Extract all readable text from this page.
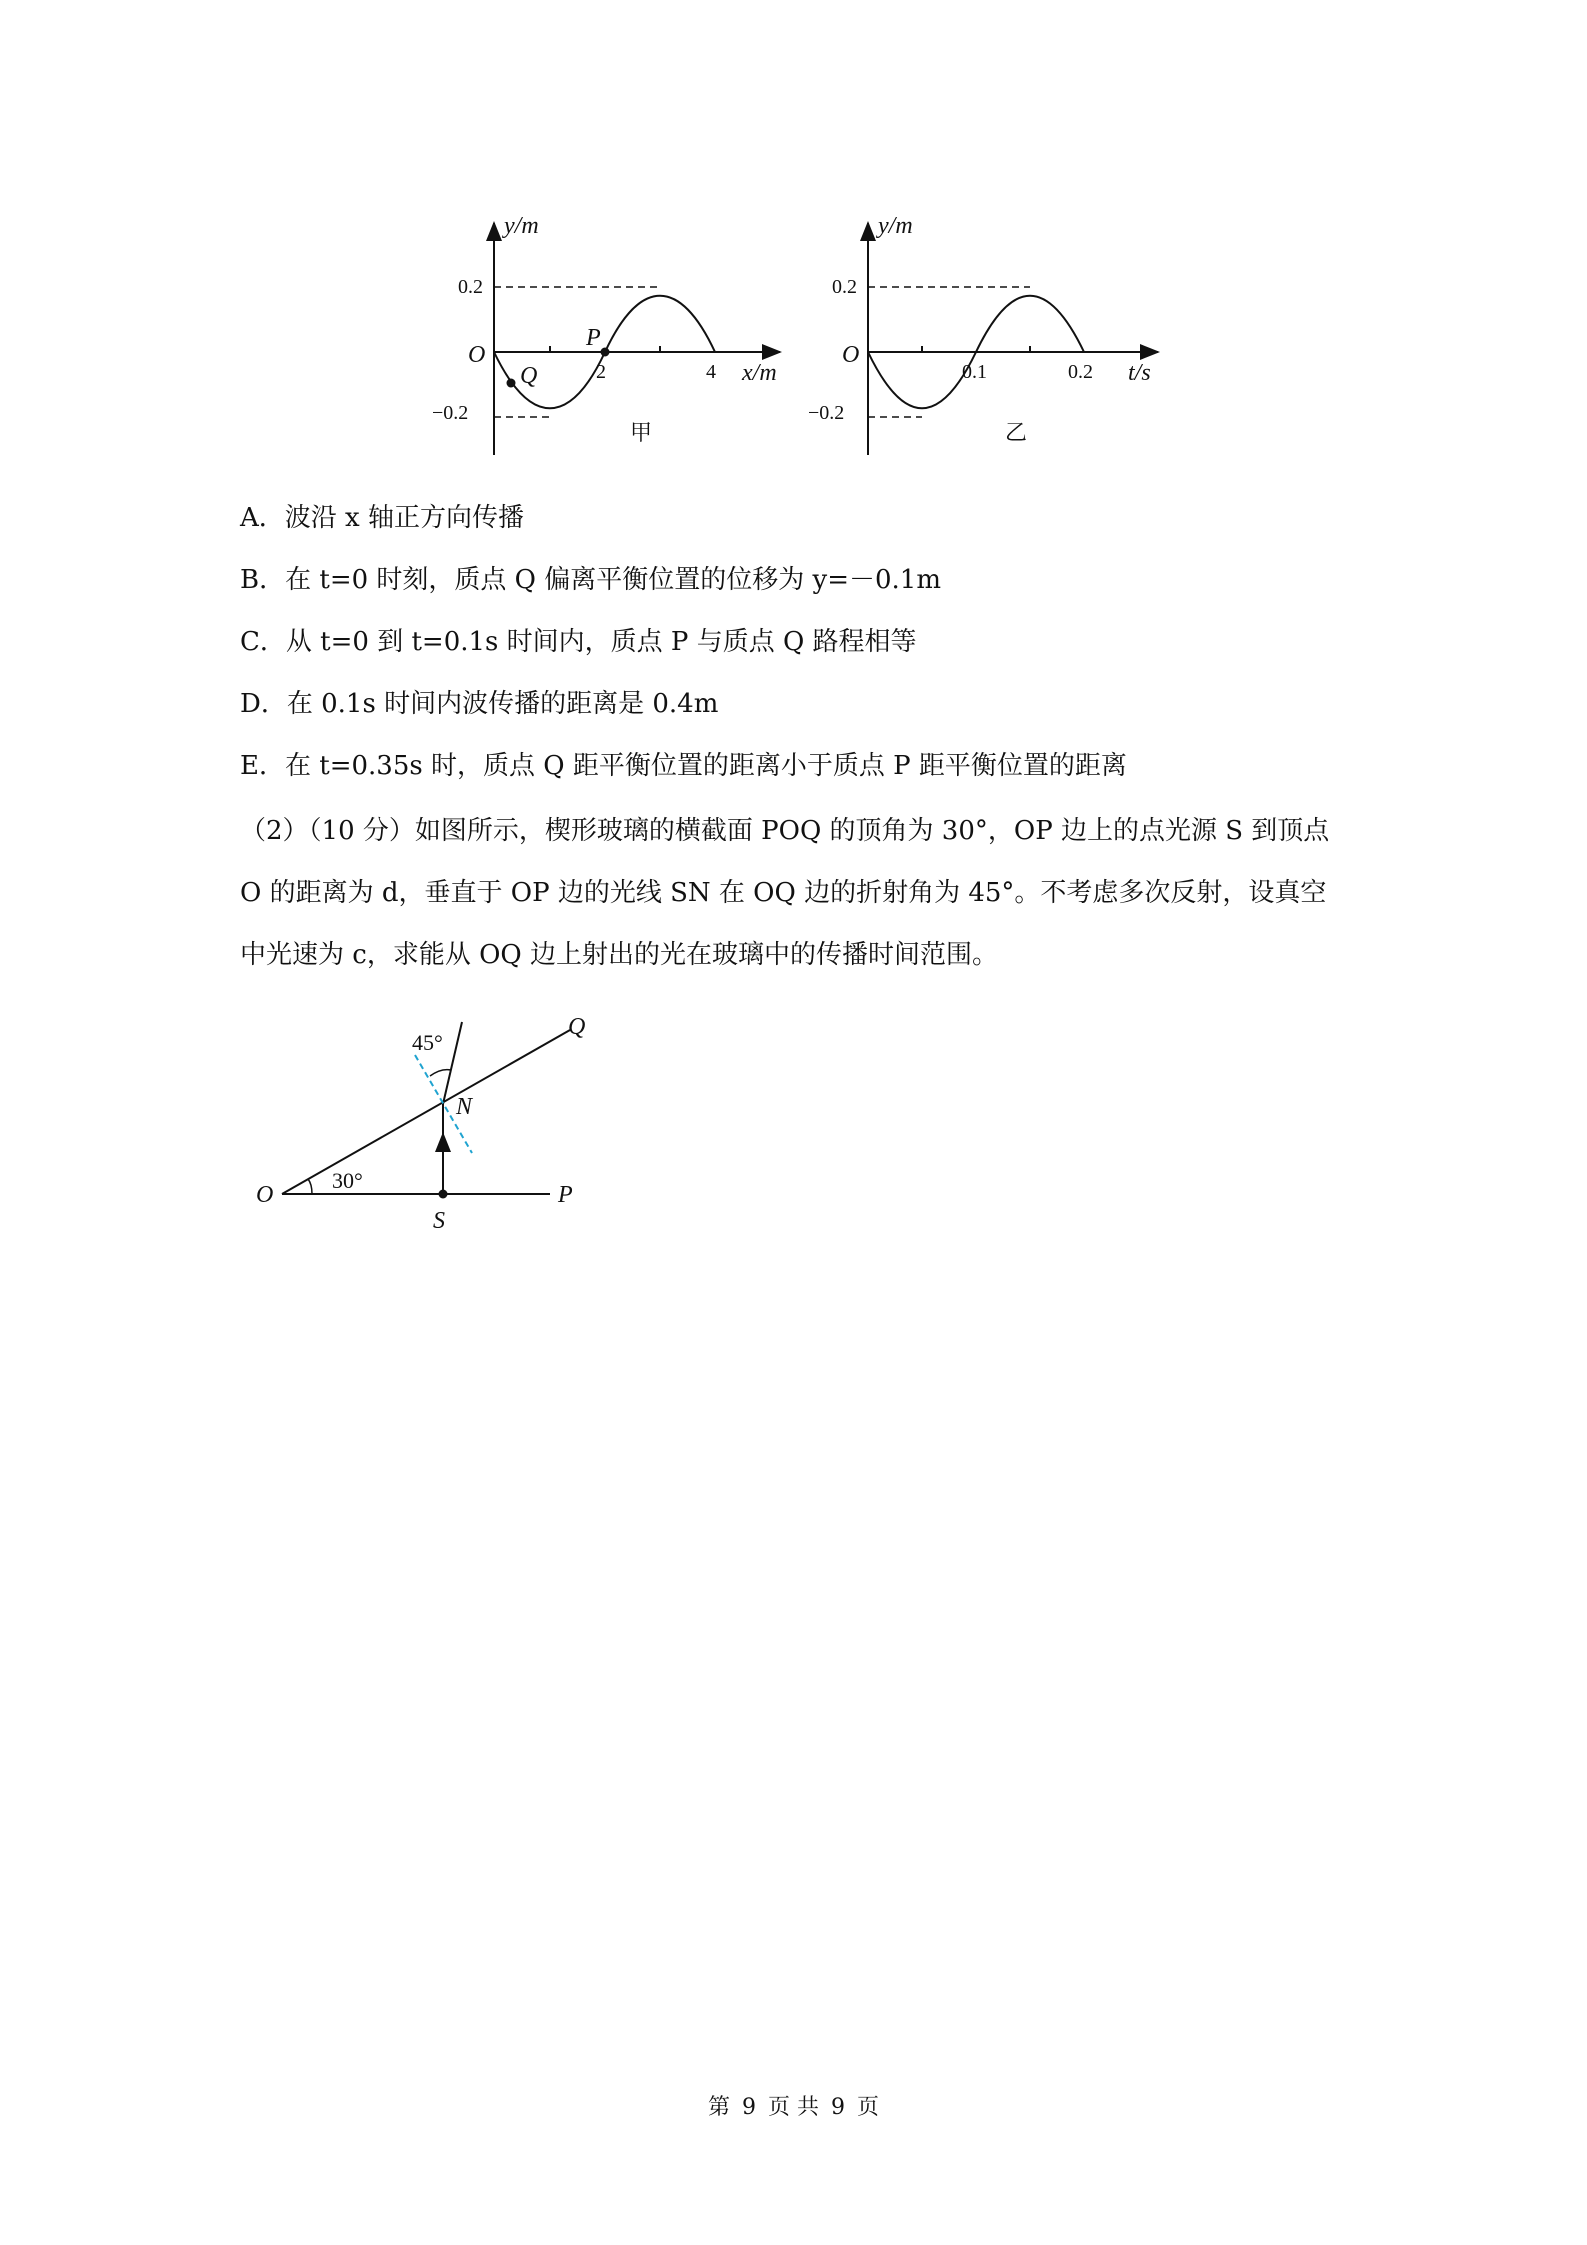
y/m
O
0.2
−0.2
2	4 x/m
P
Q
甲
y/m
O
0.2
−0.2
0.1	0.2 t/s
乙
A．波沿 x 轴正方向传播
B．在 t=0 时刻，质点 Q 偏离平衡位置的位移为 y=－0.1m
C．从 t=0 到 t=0.1s 时间内，质点 P 与质点 Q 路程相等
D．在 0.1s 时间内波传播的距离是 0.4m
E．在 t=0.35s 时，质点 Q 距平衡位置的距离小于质点 P 距平衡位置的距离

（2）（10 分）如图所示，楔形玻璃的横截面 POQ 的顶角为 30°，OP 边上的点光源 S 到顶点

O 的距离为 d，垂直于 OP 边的光线 SN 在 OQ 边的折射角为 45°。不考虑多次反射，设真空

中光速为 c，求能从 OQ 边上射出的光在玻璃中的传播时间范围。

45°
30°
O	P
Q
S
N
第 9 页 共 9 页
